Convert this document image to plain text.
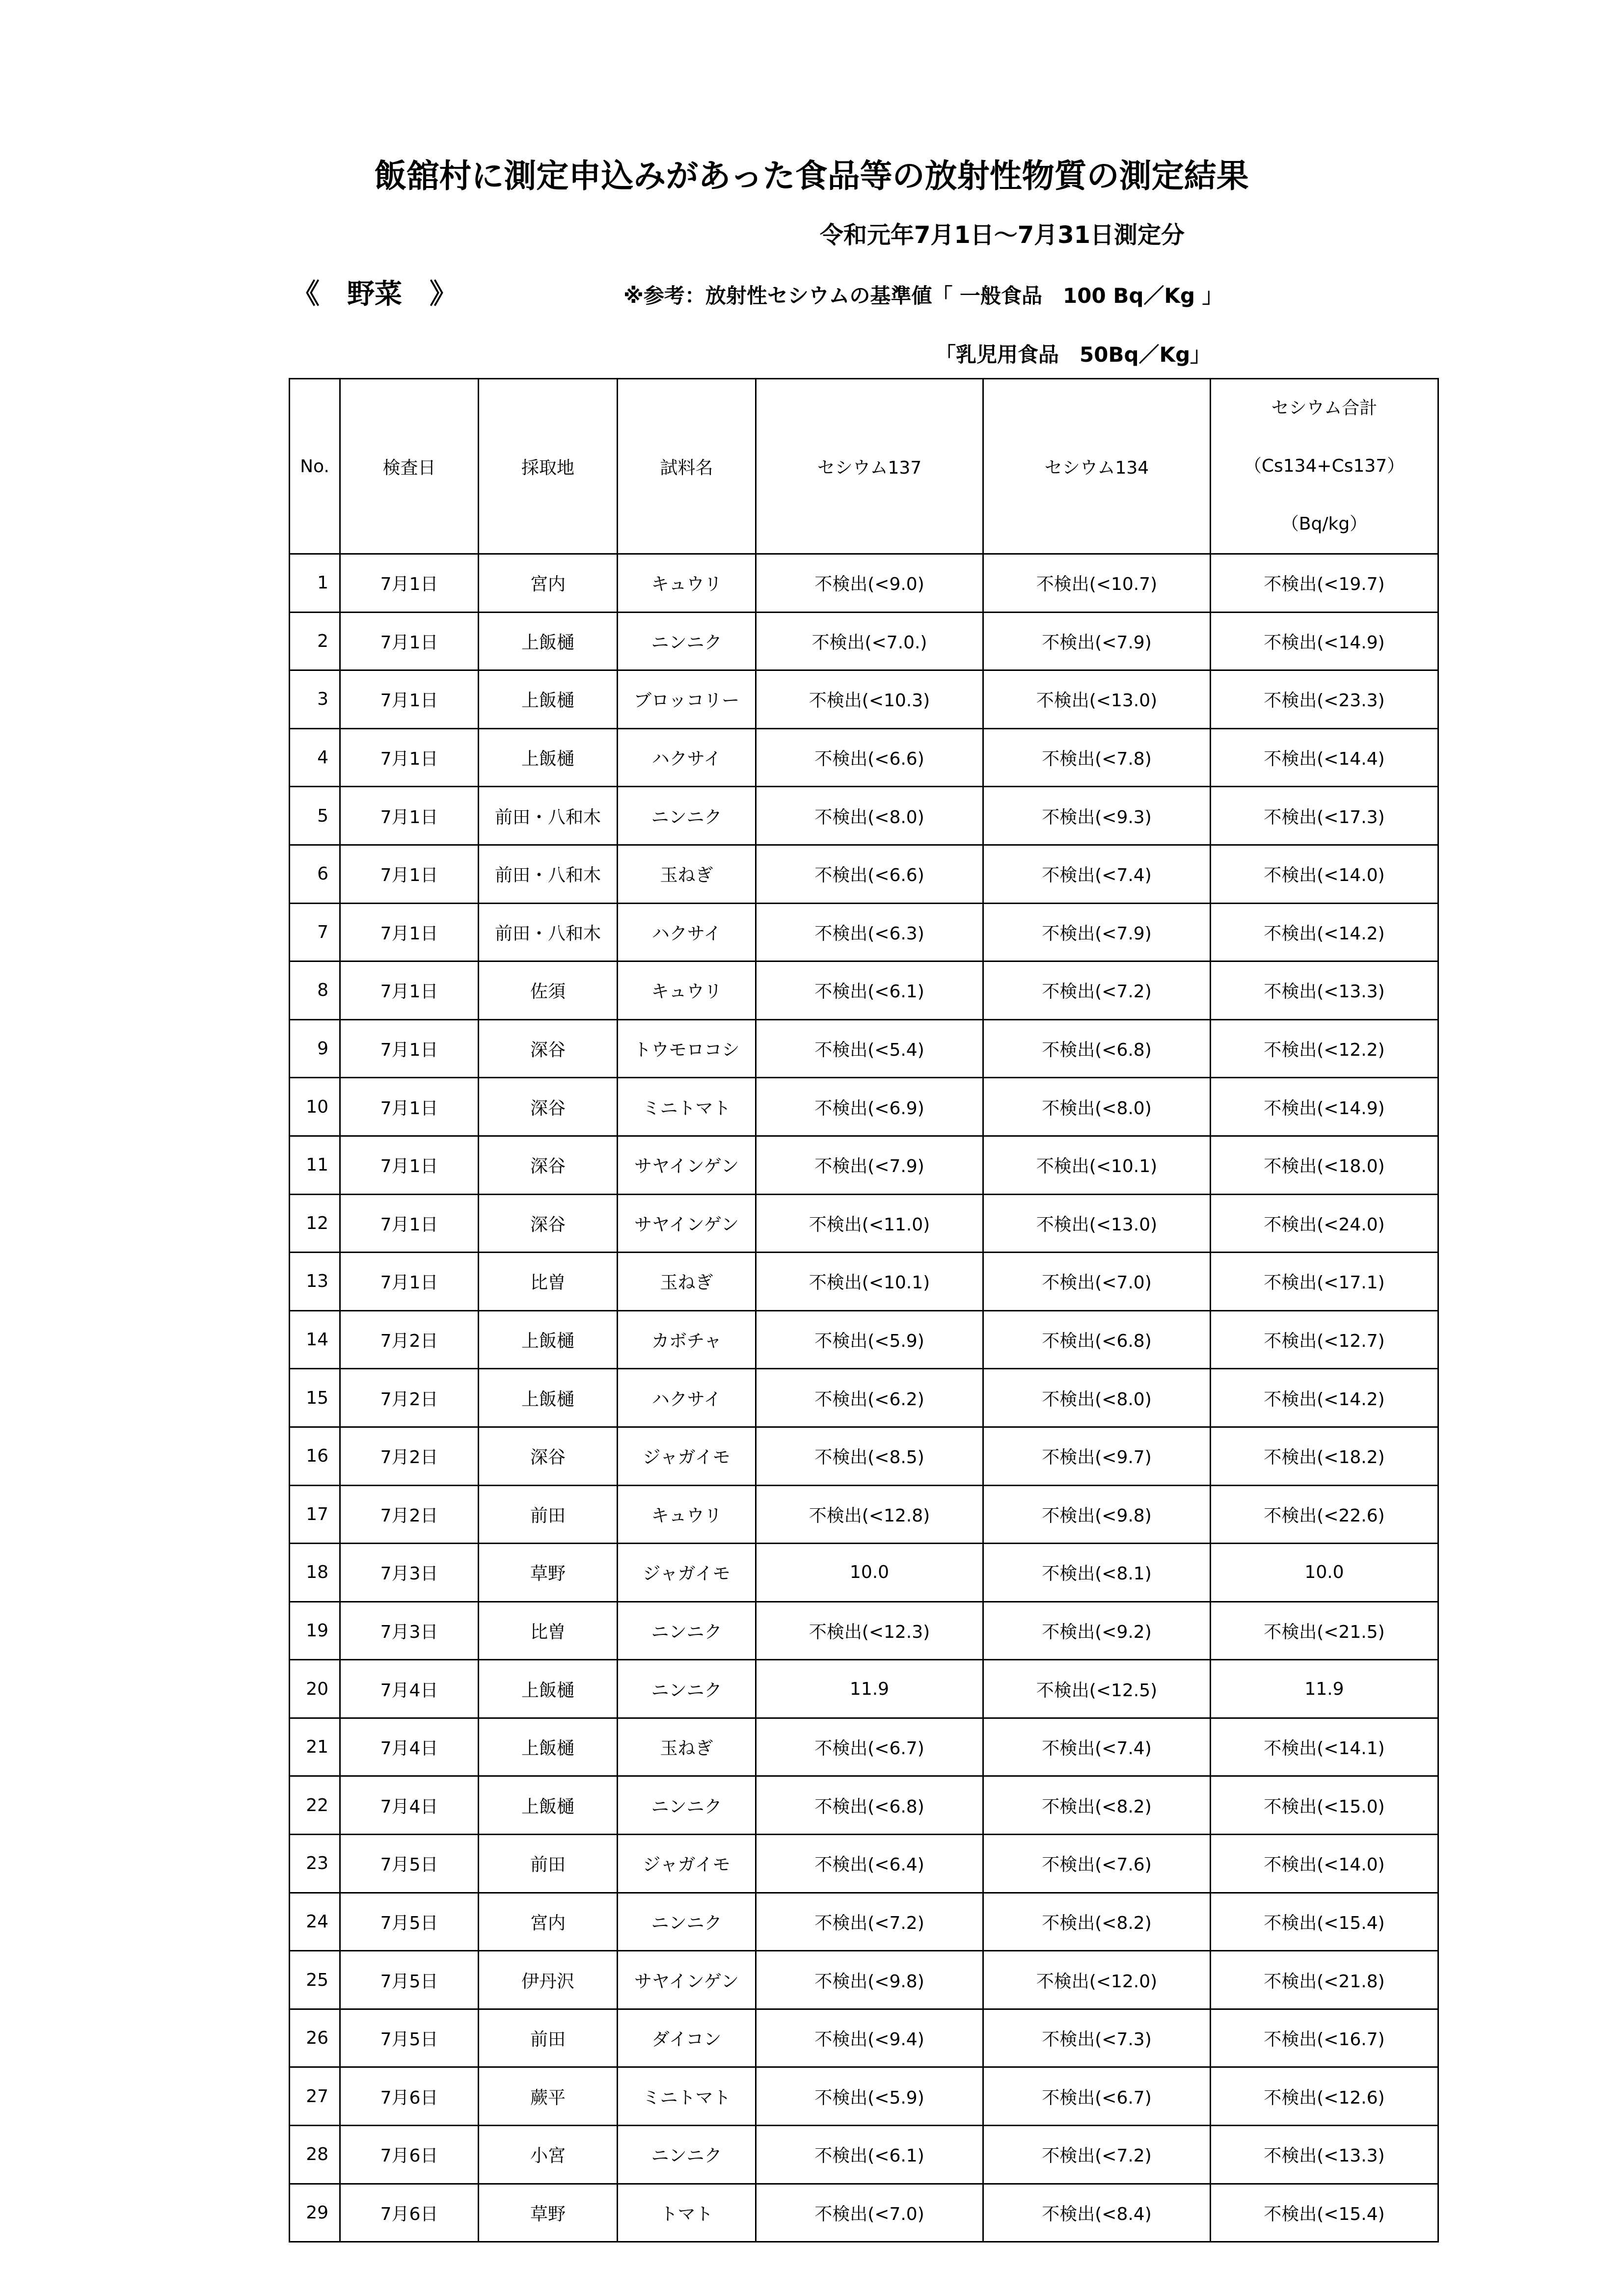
飯舘村に測定申込みがあった食品等の放射性物質の測定結果
令和元年7月1日～7月31日測定分
《　野菜　》	※参考：放射性セシウムの基準値「 一般食品　100 Bq／Kg 」
「乳児用食品　50Bq／Kg」
No.	検査日	採取地	試料名	セシウム137	セシウム134	セシウム合計
（Cs134+Cs137）
（Bq/kg）

1	7月1日	宮内	キュウリ	不検出(<9.0)	不検出(<10.7)	不検出(<19.7)
2	7月1日	上飯樋	ニンニク	不検出(<7.0.)	不検出(<7.9)	不検出(<14.9)
3	7月1日	上飯樋	ブロッコリー	不検出(<10.3)	不検出(<13.0)	不検出(<23.3)
4	7月1日	上飯樋	ハクサイ	不検出(<6.6)	不検出(<7.8)	不検出(<14.4)
5	7月1日	前田・八和木	ニンニク	不検出(<8.0)	不検出(<9.3)	不検出(<17.3)
6	7月1日	前田・八和木	玉ねぎ	不検出(<6.6)	不検出(<7.4)	不検出(<14.0)
7	7月1日	前田・八和木	ハクサイ	不検出(<6.3)	不検出(<7.9)	不検出(<14.2)
8	7月1日	佐須	キュウリ	不検出(<6.1)	不検出(<7.2)	不検出(<13.3)
9	7月1日	深谷	トウモロコシ	不検出(<5.4)	不検出(<6.8)	不検出(<12.2)
10	7月1日	深谷	ミニトマト	不検出(<6.9)	不検出(<8.0)	不検出(<14.9)
11	7月1日	深谷	サヤインゲン	不検出(<7.9)	不検出(<10.1)	不検出(<18.0)
12	7月1日	深谷	サヤインゲン	不検出(<11.0)	不検出(<13.0)	不検出(<24.0)
13	7月1日	比曽	玉ねぎ	不検出(<10.1)	不検出(<7.0)	不検出(<17.1)
14	7月2日	上飯樋	カボチャ	不検出(<5.9)	不検出(<6.8)	不検出(<12.7)
15	7月2日	上飯樋	ハクサイ	不検出(<6.2)	不検出(<8.0)	不検出(<14.2)
16	7月2日	深谷	ジャガイモ	不検出(<8.5)	不検出(<9.7)	不検出(<18.2)
17	7月2日	前田	キュウリ	不検出(<12.8)	不検出(<9.8)	不検出(<22.6)
18	7月3日	草野	ジャガイモ	10.0	不検出(<8.1)	10.0
19	7月3日	比曽	ニンニク	不検出(<12.3)	不検出(<9.2)	不検出(<21.5)
20	7月4日	上飯樋	ニンニク	11.9	不検出(<12.5)	11.9
21	7月4日	上飯樋	玉ねぎ	不検出(<6.7)	不検出(<7.4)	不検出(<14.1)
22	7月4日	上飯樋	ニンニク	不検出(<6.8)	不検出(<8.2)	不検出(<15.0)
23	7月5日	前田	ジャガイモ	不検出(<6.4)	不検出(<7.6)	不検出(<14.0)
24	7月5日	宮内	ニンニク	不検出(<7.2)	不検出(<8.2)	不検出(<15.4)
25	7月5日	伊丹沢	サヤインゲン	不検出(<9.8)	不検出(<12.0)	不検出(<21.8)
26	7月5日	前田	ダイコン	不検出(<9.4)	不検出(<7.3)	不検出(<16.7)
27	7月6日	蕨平	ミニトマト	不検出(<5.9)	不検出(<6.7)	不検出(<12.6)
28	7月6日	小宮	ニンニク	不検出(<6.1)	不検出(<7.2)	不検出(<13.3)
29	7月6日	草野	トマト	不検出(<7.0)	不検出(<8.4)	不検出(<15.4)
